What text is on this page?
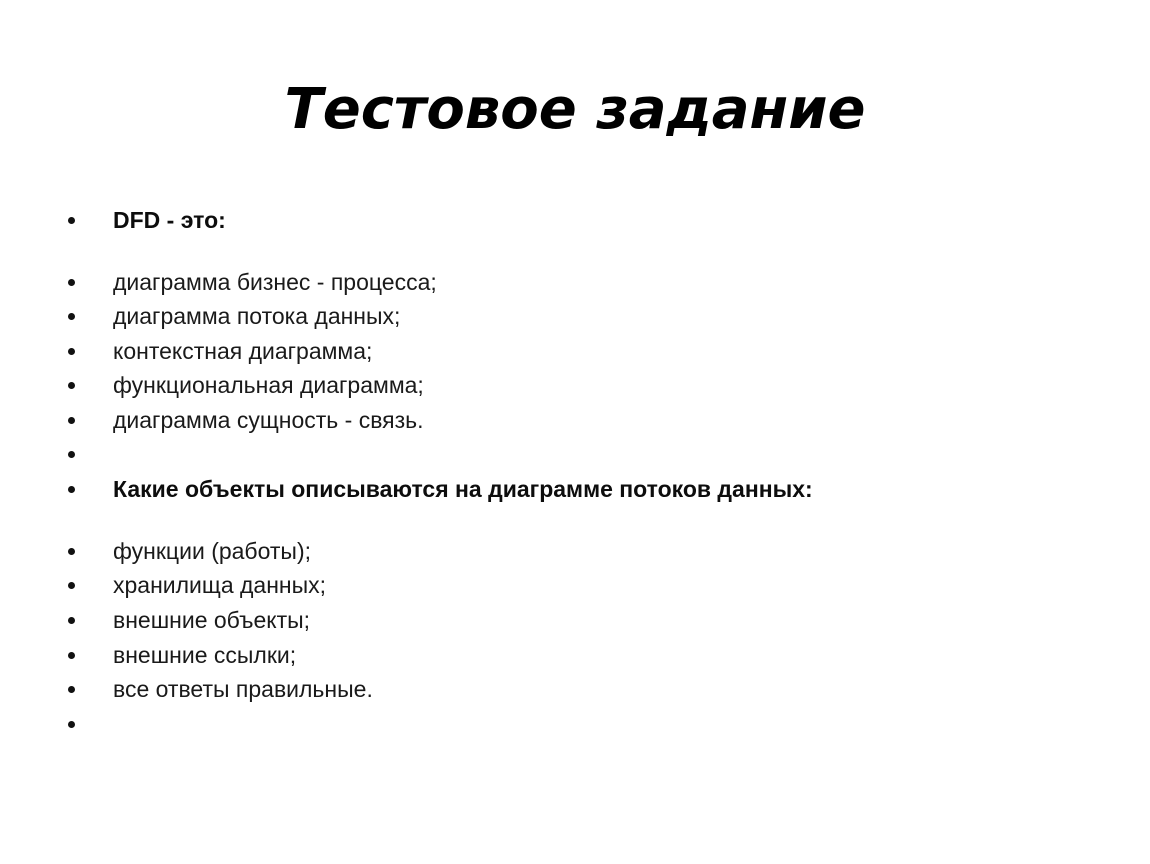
Тестовое задание
DFD - это:
диаграмма бизнес - процесса;
диаграмма потока данных;
контекстная диаграмма;
функциональная диаграмма;
диаграмма сущность - связь.
Какие объекты описываются на диаграмме потоков данных:
функции (работы);
хранилища данных;
внешние объекты;
внешние ссылки;
все ответы правильные.
